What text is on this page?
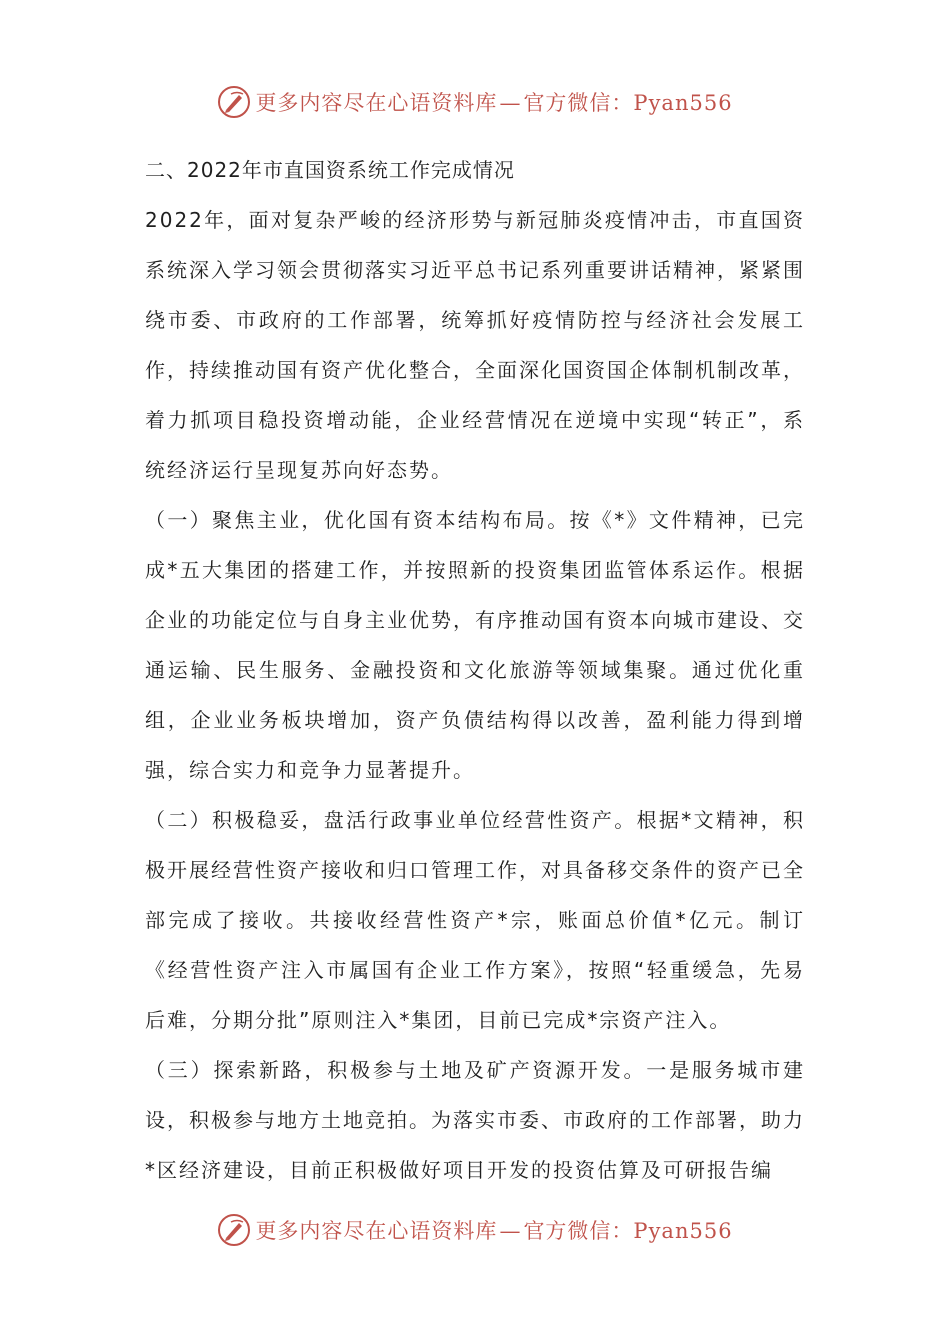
更多内容尽在心语资料库—官方微信：Pyan556
二、2022年市直国资系统工作完成情况

2022年，面对复杂严峻的经济形势与新冠肺炎疫情冲击，市直国资系统深入学习领会贯彻落实习近平总书记系列重要讲话精神，紧紧围绕市委、市政府的工作部署，统筹抓好疫情防控与经济社会发展工作，持续推动国有资产优化整合，全面深化国资国企体制机制改革，着力抓项目稳投资增动能，企业经营情况在逆境中实现“转正”，系统经济运行呈现复苏向好态势。

（一）聚焦主业，优化国有资本结构布局。按《*》文件精神，已完成*五大集团的搭建工作，并按照新的投资集团监管体系运作。根据企业的功能定位与自身主业优势，有序推动国有资本向城市建设、交通运输、民生服务、金融投资和文化旅游等领域集聚。通过优化重组，企业业务板块增加，资产负债结构得以改善，盈利能力得到增强，综合实力和竞争力显著提升。

（二）积极稳妥，盘活行政事业单位经营性资产。根据*文精神，积极开展经营性资产接收和归口管理工作，对具备移交条件的资产已全部完成了接收。共接收经营性资产*宗，账面总价值*亿元。制订《经营性资产注入市属国有企业工作方案》，按照“轻重缓急，先易后难，分期分批”原则注入*集团，目前已完成*宗资产注入。

（三）探索新路，积极参与土地及矿产资源开发。一是服务城市建设，积极参与地方土地竞拍。为落实市委、市政府的工作部署，助力*区经济建设，目前正积极做好项目开发的投资估算及可研报告编

更多内容尽在心语资料库—官方微信：Pyan556
